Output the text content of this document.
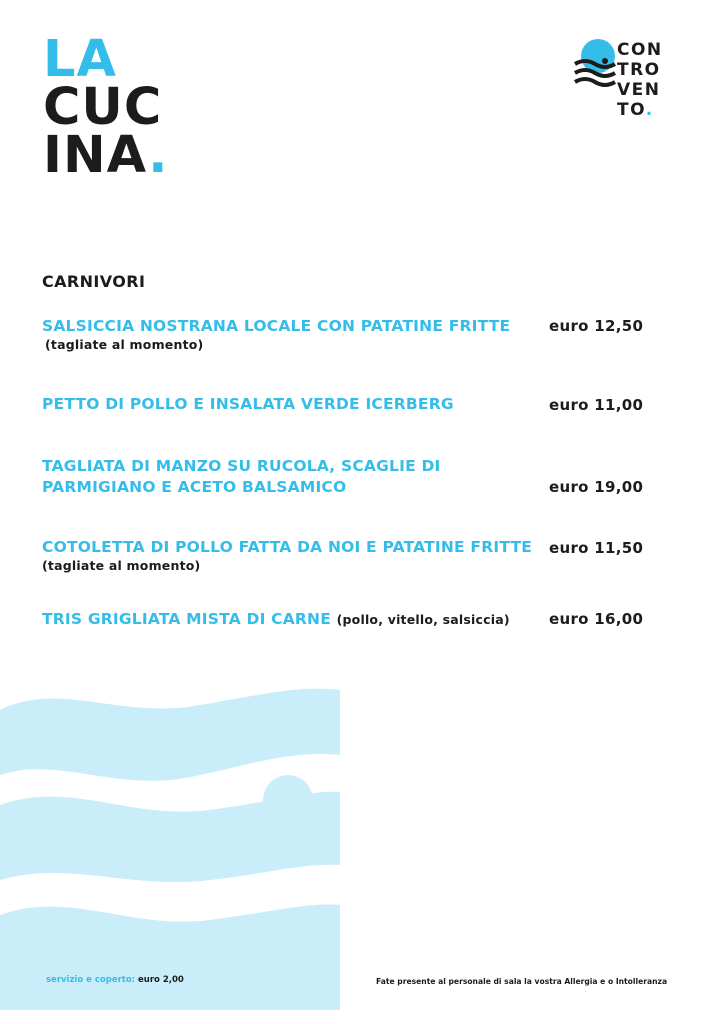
LA
CUC
INA.
CON
TRO
VEN
TO.
CARNIVORI
SALSICCIA NOSTRANA LOCALE CON PATATINE FRITTE
(tagliate al momento)
euro 12,50
PETTO DI POLLO E INSALATA VERDE ICERBERG	euro 11,00
TAGLIATA DI MANZO SU RUCOLA, SCAGLIE DI PARMIGIANO E ACETO BALSAMICO	euro 19,00
COTOLETTA DI POLLO FATTA DA NOI E PATATINE FRITTE
(tagliate al momento)
euro 11,50
TRIS GRIGLIATA MISTA DI CARNE (pollo, vitello, salsiccia)	euro 16,00
servizio e coperto: euro 2,00	Fate presente al personale di sala la vostra Allergia e o Intolleranza
